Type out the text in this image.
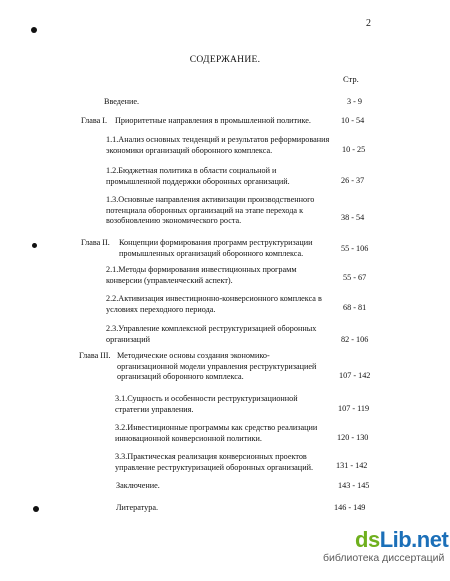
2
СОДЕРЖАНИЕ.
Стр.
Введение.	3 - 9
Глава I. Приоритетные направления в промышленной политике.	10 - 54
1.1.Анализ основных тенденций и результатов реформирования экономики организаций оборонного комплекса.	10 - 25
1.2.Бюджетная политика в области социальной и промышленной поддержки оборонных организаций.	26 - 37
1.3.Основные направления активизации производственного потенциала оборонных организаций на этапе перехода к возобновлению экономического роста.	38 - 54
Глава II. Концепции формирования программ реструктуризации промышленных организаций оборонного комплекса.	55 - 106
2.1.Методы формирования инвестиционных программ конверсии (управленческий аспект).	55 - 67
2.2.Активизация инвестиционно-конверсионного комплекса в условиях переходного периода.	68 - 81
2.3.Управление комплексной реструктуризацией оборонных организаций	82 - 106
Глава III. Методические основы создания экономико-организационной модели управления реструктуризацией организаций оборонного комплекса.	107 - 142
3.1.Сущность и особенности реструктуризационной стратегии управления.	107 - 119
3.2.Инвестиционные программы как средство реализации инновационной конверсионной политики.	120 - 130
3.3.Практическая реализация конверсионных проектов управление реструктуризацией оборонных организаций.	131 - 142
Заключение.	143 - 145
Литература.	146 - 149
dsLib.net
библиотека диссертаций
